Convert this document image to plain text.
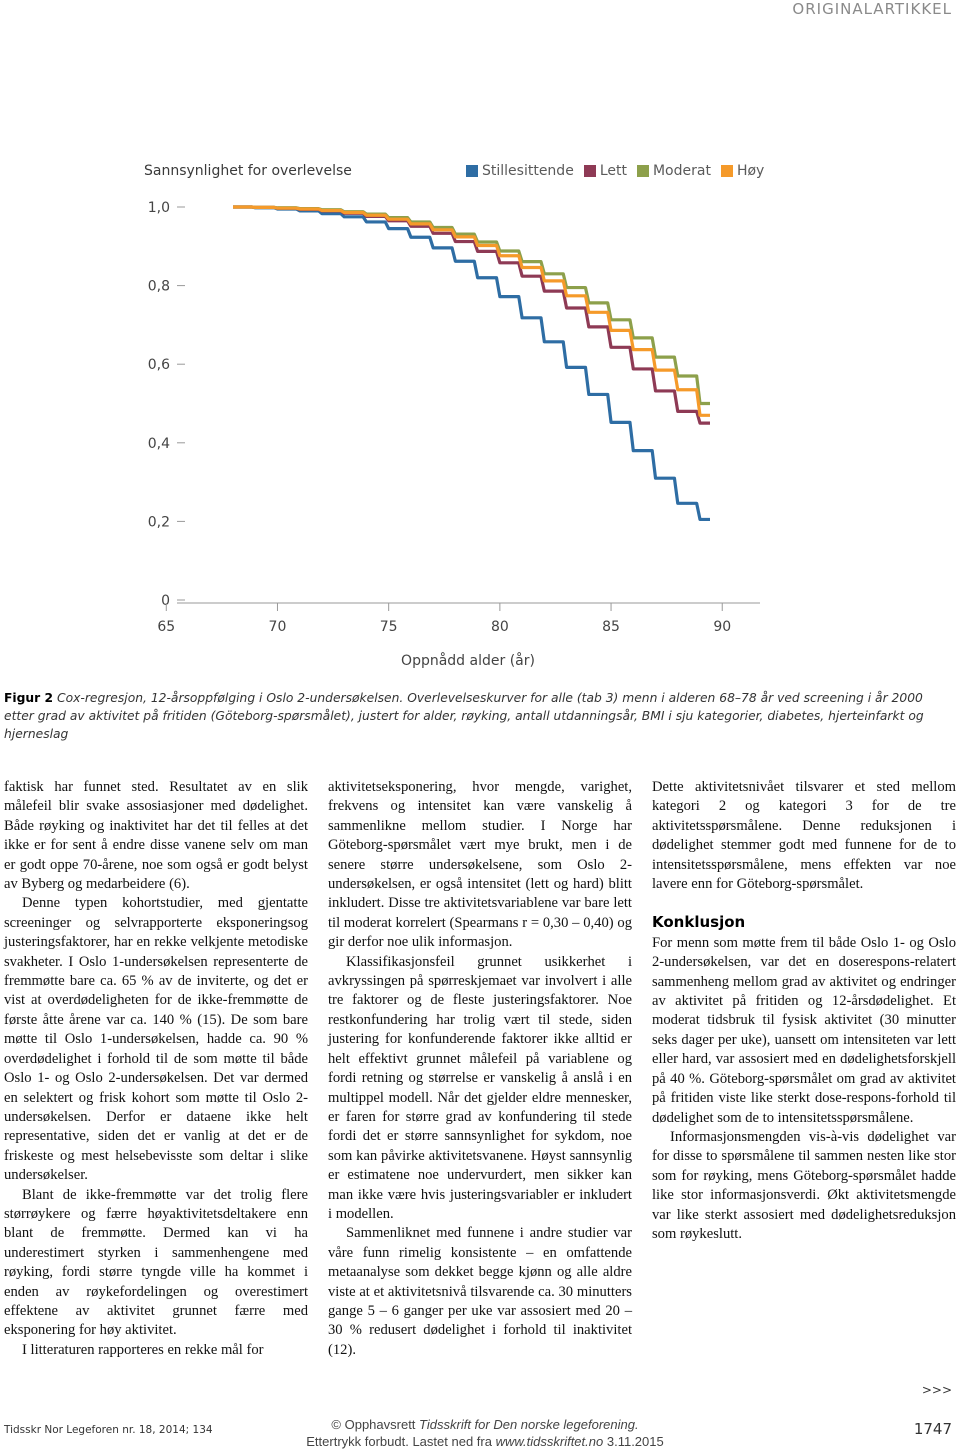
ORIGINALARTIKKEL
Sannsynlighet for overlevelse	Stillesittende Lett Moderat Høy
0
0,2
0,4
0,6
0,8
1,0
65	70	75	80	85	90
Oppnådd alder (år)
Figur 2 Cox-regresjon, 12-årsoppfølging i Oslo 2-undersøkelsen. Overlevelseskurver for alle (tab 3) menn i alderen 68–78 år ved screening i år 2000 etter grad av aktivitet på fritiden (Göteborg-spørsmålet), justert for alder, røyking, antall utdanningsår, BMI i sju kategorier, diabetes, hjerteinfarkt og hjerneslag

faktisk har funnet sted. Resultatet av en slik målefeil blir svake assosiasjoner med dødelighet. Både røyking og inaktivitet har det til felles at det ikke er for sent å endre disse vanene selv om man er godt oppe 70-årene, noe som også er godt belyst av Byberg og medarbeidere (6).

Denne typen kohortstudier, med gjentatte screeninger og selvrapporterte eksponeringsog justeringsfaktorer, har en rekke velkjente metodiske svakheter. I Oslo 1-undersøkelsen representerte de fremmøtte bare ca. 65 % av de inviterte, og det er vist at overdødeligheten for de ikke-fremmøtte de første åtte årene var ca. 140 % (15). De som bare møtte til Oslo 1-undersøkelsen, hadde ca. 90 % overdødelighet i forhold til de som møtte til både Oslo 1- og Oslo 2-undersøkelsen. Det var dermed en selektert og frisk kohort som møtte til Oslo 2-undersøkelsen. Derfor er dataene ikke helt representative, siden det er vanlig at det er de friskeste og mest helsebevisste som deltar i slike undersøkelser.

Blant de ikke-fremmøtte var det trolig flere størrøykere og færre høyaktivitetsdeltakere enn blant de fremmøtte. Dermed kan vi ha underestimert styrken i sammenhengene med røyking, fordi større tyngde ville ha kommet i enden av røykefordelingen og overestimert effektene av aktivitet grunnet færre med eksponering for høy aktivitet.

I litteraturen rapporteres en rekke mål for

aktivitetseksponering, hvor mengde, varighet, frekvens og intensitet kan være vanskelig å sammenlikne mellom studier. I Norge har Göteborg-spørsmålet vært mye brukt, men i de senere større undersøkelsene, som Oslo 2-undersøkelsen, er også intensitet (lett og hard) blitt inkludert. Disse tre aktivitetsvariablene var bare lett til moderat korrelert (Spearmans r = 0,30 – 0,40) og gir derfor noe ulik informasjon.

Klassifikasjonsfeil grunnet usikkerhet i avkryssingen på spørreskjemaet var involvert i alle tre faktorer og de fleste justeringsfaktorer. Noe restkonfundering har trolig vært til stede, siden justering for konfunderende faktorer ikke alltid er helt effektivt grunnet målefeil på variablene og fordi retning og størrelse er vanskelig å anslå i en multippel modell. Når det gjelder eldre mennesker, er faren for større grad av konfundering til stede fordi det er større sannsynlighet for sykdom, noe som kan påvirke aktivitetsvanene. Høyst sannsynlig er estimatene noe undervurdert, men sikker kan man ikke være hvis justeringsvariabler er inkludert i modellen.

Sammenliknet med funnene i andre studier var våre funn rimelig konsistente – en omfattende metaanalyse som dekket begge kjønn og alle aldre viste at et aktivitetsnivå tilsvarende ca. 30 minutters gange 5 – 6 ganger per uke var assosiert med 20 – 30 % redusert dødelighet i forhold til inaktivitet (12).

Dette aktivitetsnivået tilsvarer et sted mellom kategori 2 og kategori 3 for de tre aktivitetsspørsmålene. Denne reduksjonen i dødelighet stemmer godt med funnene for de to intensitetsspørsmålene, mens effekten var noe lavere enn for Göteborg-spørsmålet.

Konklusjon

For menn som møtte frem til både Oslo 1- og Oslo 2-undersøkelsen, var det en doserespons-relatert sammenheng mellom grad av aktivitet og endringer av aktivitet på fritiden og 12-årsdødelighet. Et moderat tidsbruk til fysisk aktivitet (30 minutter seks dager per uke), uansett om intensiteten var lett eller hard, var assosiert med en dødelighetsforskjell på 40 %. Göteborg-spørsmålet om grad av aktivitet på fritiden viste like sterkt dose-respons-forhold til dødelighet som de to intensitetsspørsmålene.

Informasjonsmengden vis-à-vis dødelighet var for disse to spørsmålene til sammen nesten like stor som for røyking, mens Göteborg-spørsmålet hadde like stor informasjonsverdi. Økt aktivitetsmengde var like sterkt assosiert med dødelighetsreduksjon som røykeslutt.

>>>
Tidsskr Nor Legeforen nr. 18, 2014; 134	© Opphavsrett Tidsskrift for Den norske legeforening.
Ettertrykk forbudt. Lastet ned fra www.tidsskriftet.no 3.11.2015
1747
